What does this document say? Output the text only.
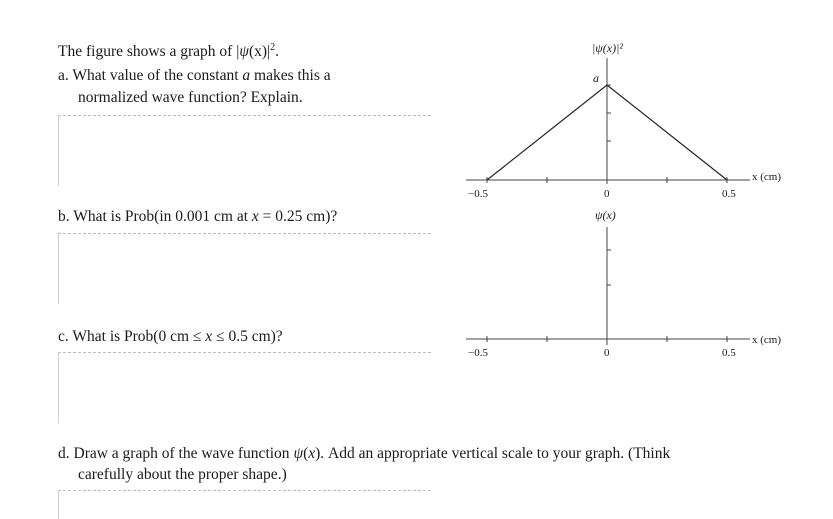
The figure shows a graph of $|\psi(x)|^2$.
a. What value of the constant a makes this a
normalized wave function? Explain.
b. What is Prob(in 0.001 cm at x = 0.25 cm)?
c. What is Prob(0 cm ≤ x ≤ 0.5 cm)?
d. Draw a graph of the wave function ψ(x). Add an appropriate vertical scale to your graph. (Think
carefully about the proper shape.)
|ψ(x)|²
a
−0.5	0	0.5
x (cm)
ψ(x)
−0.5	0	0.5
x (cm)
